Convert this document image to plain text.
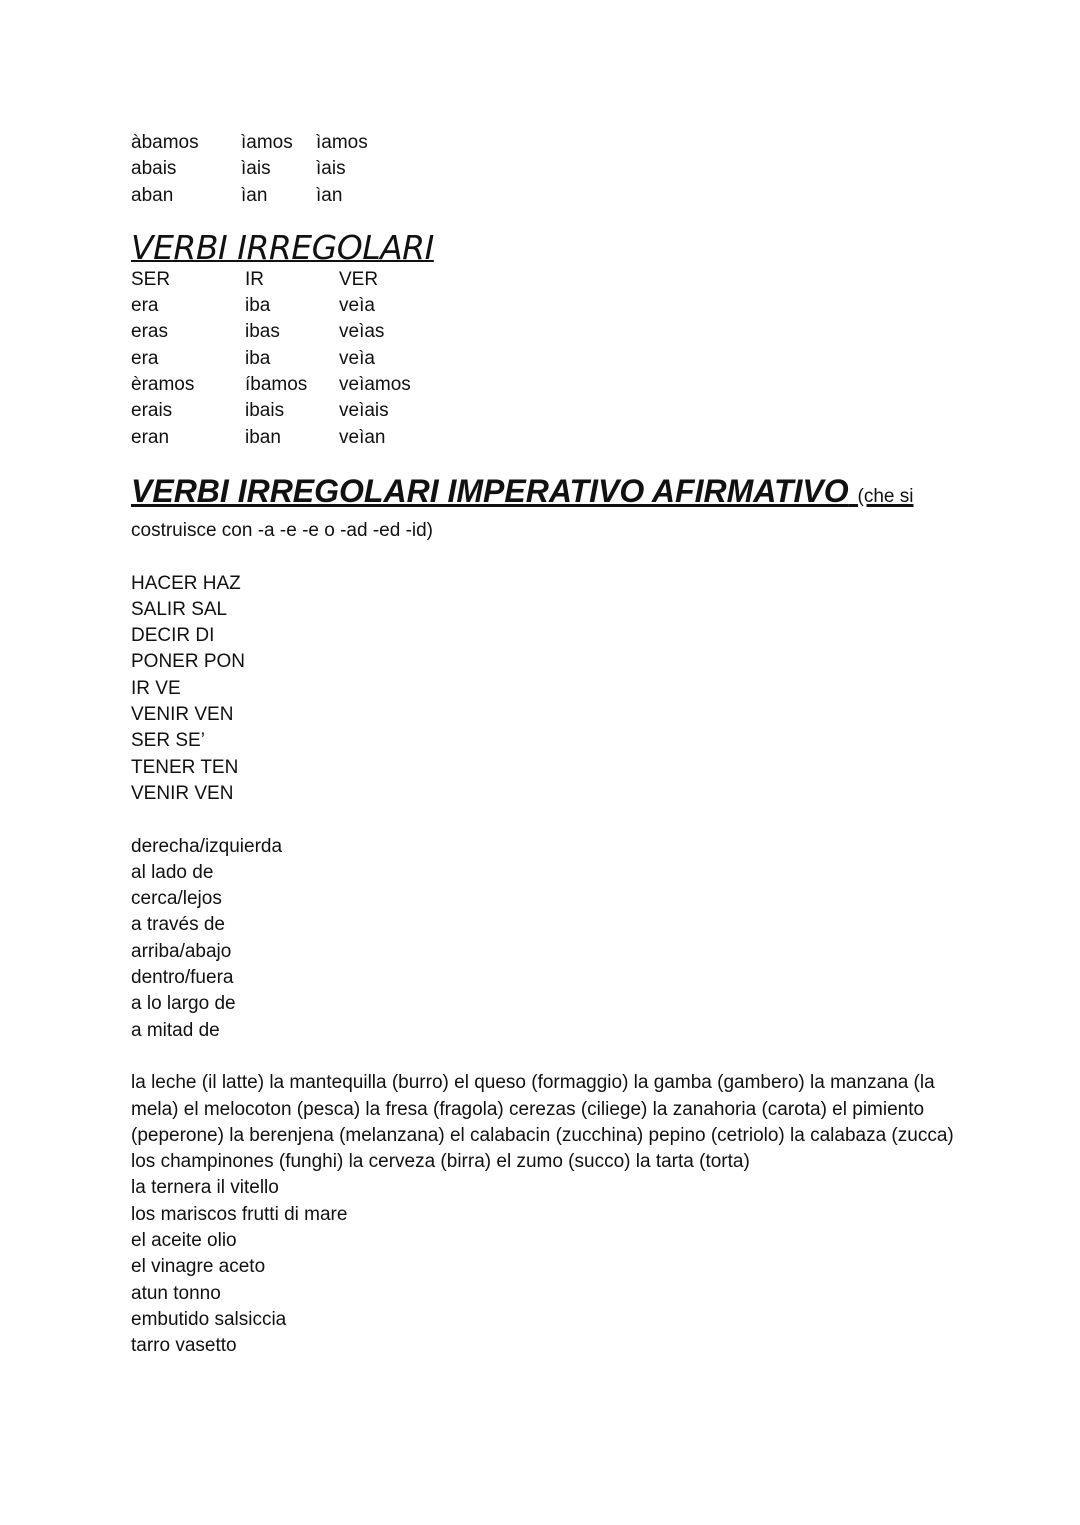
àbamos	ìamos	ìamos
abais	ìais	ìais
aban	ìan	ìan
VERBI IRREGOLARI
SER	IR	VER
era	iba	veìa
eras	ibas	veìas
era	iba	veìa
èramos	íbamos	veìamos
erais	ibais	veìais
eran	iban	veìan
VERBI IRREGOLARI IMPERATIVO AFIRMATIVO (che si
costruisce con -a -e -e o -ad -ed -id)
HACER HAZ
SALIR SAL
DECIR DI
PONER PON
IR VE
VENIR VEN
SER SE’
TENER TEN
VENIR VEN
derecha/izquierda
al lado de
cerca/lejos
a través de
arriba/abajo
dentro/fuera
a lo largo de
a mitad de
la leche (il latte) la mantequilla (burro) el queso (formaggio) la gamba (gambero) la manzana (la mela) el melocoton (pesca) la fresa (fragola) cerezas (ciliege) la zanahoria (carota) el pimiento (peperone) la berenjena (melanzana) el calabacin (zucchina) pepino (cetriolo) la calabaza (zucca) los champinones (funghi) la cerveza (birra) el zumo (succo) la tarta (torta)
la ternera il vitello
los mariscos frutti di mare
el aceite olio
el vinagre aceto
atun tonno
embutido salsiccia
tarro vasetto
